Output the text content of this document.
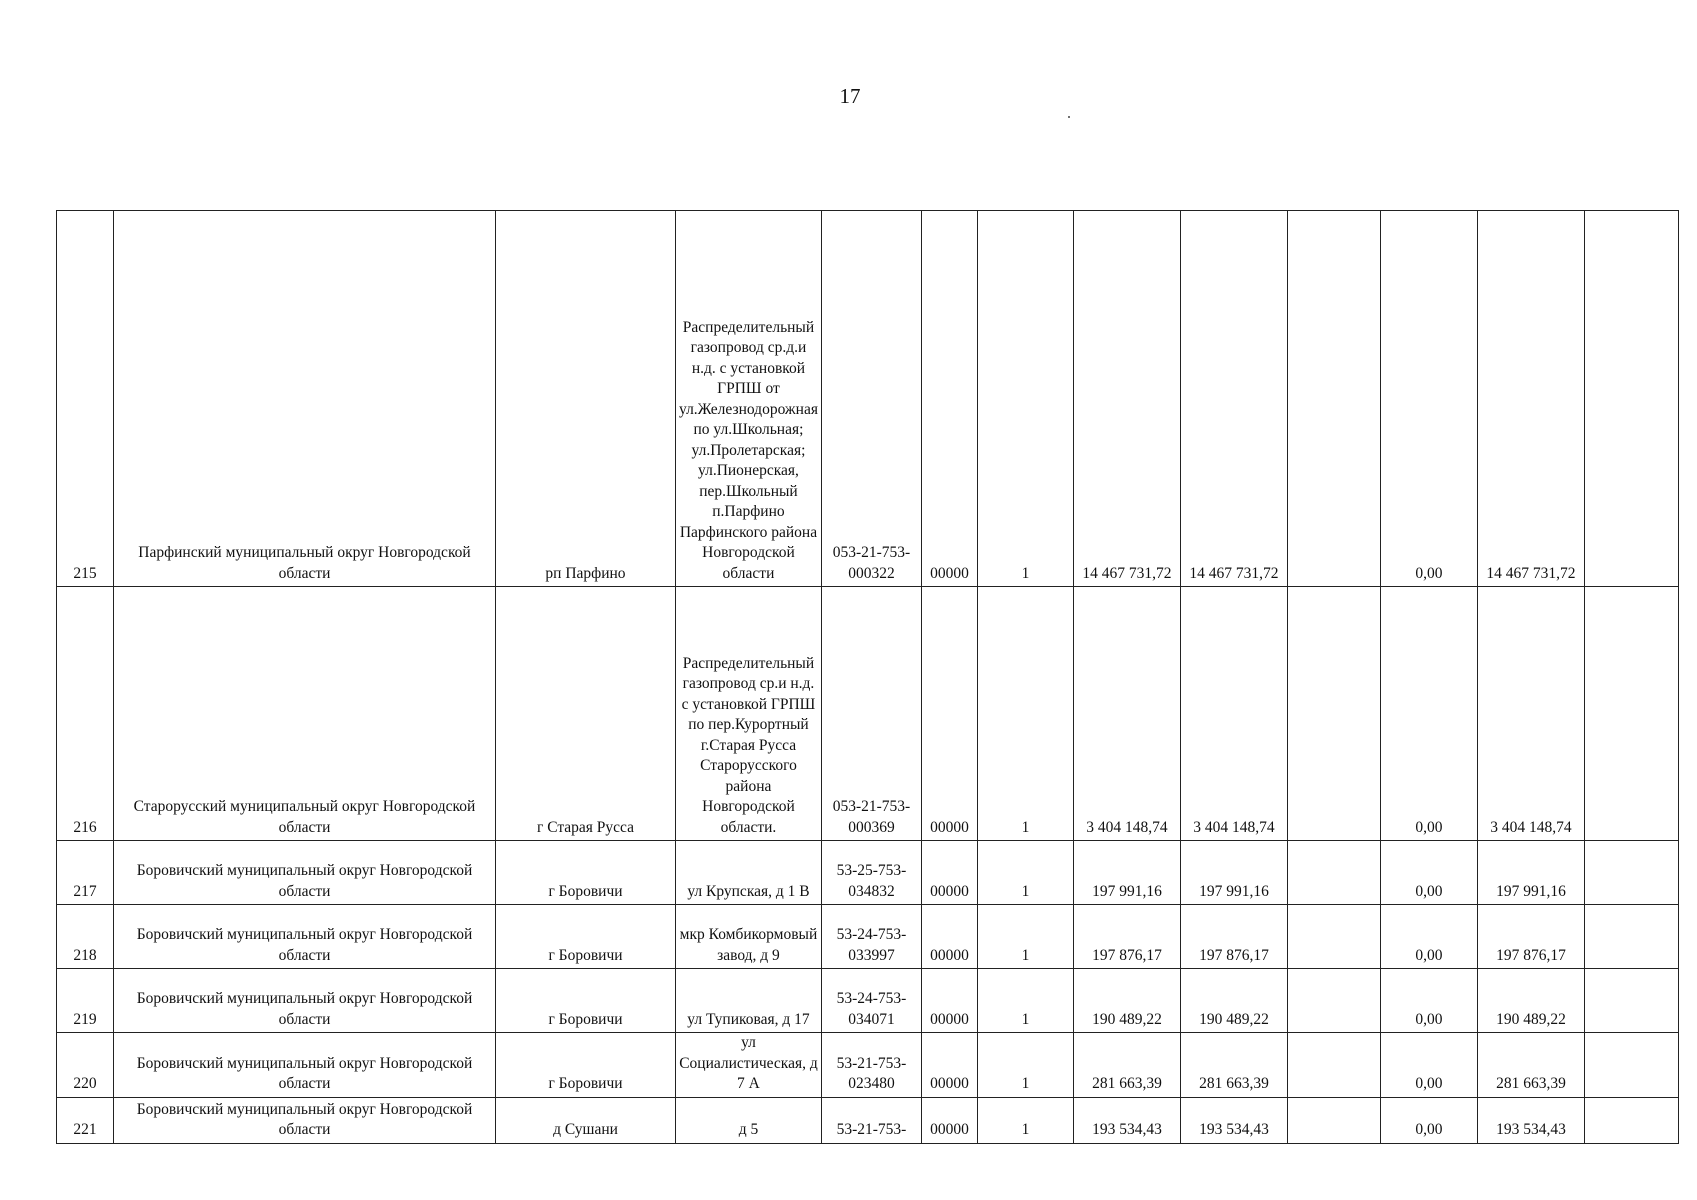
17
215	Парфинский муниципальный округ Новгородской области	рп Парфино	Распределительный газопровод ср.д.и н.д. с установкой ГРПШ от ул.Железнодорожная по ул.Школьная; ул.Пролетарская; ул.Пионерская, пер.Школьный п.Парфино Парфинского района Новгородской области	053-21-753-000322	00000	1	14 467 731,72	14 467 731,72		0,00	14 467 731,72	
216	Старорусский муниципальный округ Новгородской области	г Старая Русса	Распределительный газопровод ср.и н.д. с установкой ГРПШ по пер.Курортный г.Старая Русса Старорусского района Новгородской области.	053-21-753-000369	00000	1	3 404 148,74	3 404 148,74		0,00	3 404 148,74	
217	Боровичский муниципальный округ Новгородской области	г Боровичи	ул Крупская, д 1 В	53-25-753-034832	00000	1	197 991,16	197 991,16		0,00	197 991,16	
218	Боровичский муниципальный округ Новгородской области	г Боровичи	мкр Комбикормовый завод, д 9	53-24-753-033997	00000	1	197 876,17	197 876,17		0,00	197 876,17	
219	Боровичский муниципальный округ Новгородской области	г Боровичи	ул Тупиковая, д 17	53-24-753-034071	00000	1	190 489,22	190 489,22		0,00	190 489,22	
220	Боровичский муниципальный округ Новгородской области	г Боровичи	ул Социалистическая, д 7 А	53-21-753-023480	00000	1	281 663,39	281 663,39		0,00	281 663,39	
221	Боровичский муниципальный округ Новгородской области	д Сушани	д 5	53-21-753-	00000	1	193 534,43	193 534,43		0,00	193 534,43	
